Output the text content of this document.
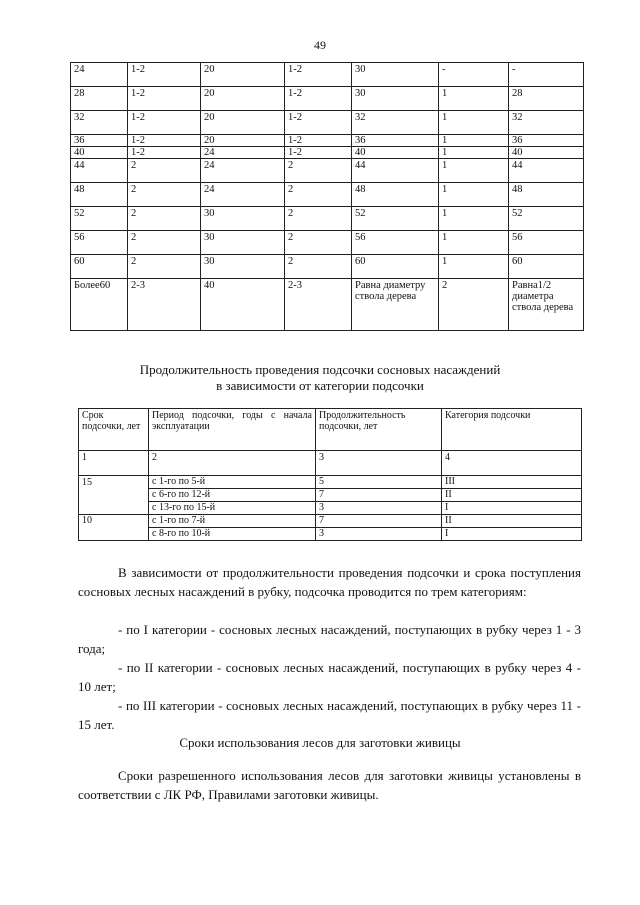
49
24	1-2	20	1-2	30	-	-
28	1-2	20	1-2	30	1	28
32	1-2	20	1-2	32	1	32
36	1-2	20	1-2	36	1	36
40	1-2	24	1-2	40	1	40
44	2	24	2	44	1	44
48	2	24	2	48	1	48
52	2	30	2	52	1	52
56	2	30	2	56	1	56
60	2	30	2	60	1	60
Более60	2-3	40	2-3	Равна диаметру ствола дерева	2	Равна1/2 диаметра ствола дерева
Продолжительность проведения подсочки сосновых насаждений
в зависимости от категории подсочки
Срок подсочки, лет	Период подсочки, годы с начала эксплуатации	Продолжительность подсочки, лет	Категория подсочки
1	2	3	4
15	с 1-го по 5-й	5	III
	с 6-го по 12-й	7	II
	с 13-го по 15-й	3	I
10	с 1-го по 7-й	7	II
	с 8-го по 10-й	3	I
В зависимости от продолжительности проведения подсочки и срока поступления сосновых лесных насаждений в рубку, подсочка проводится по трем категориям:
- по I категории - сосновых лесных насаждений, поступающих в рубку через 1 - 3 года;
- по II категории - сосновых лесных насаждений, поступающих в рубку через 4 - 10 лет;
- по III категории - сосновых лесных насаждений, поступающих в рубку через 11 - 15 лет.
Сроки использования лесов для заготовки живицы
Сроки разрешенного использования лесов для заготовки живицы установлены в соответствии с ЛК РФ, Правилами заготовки живицы.
